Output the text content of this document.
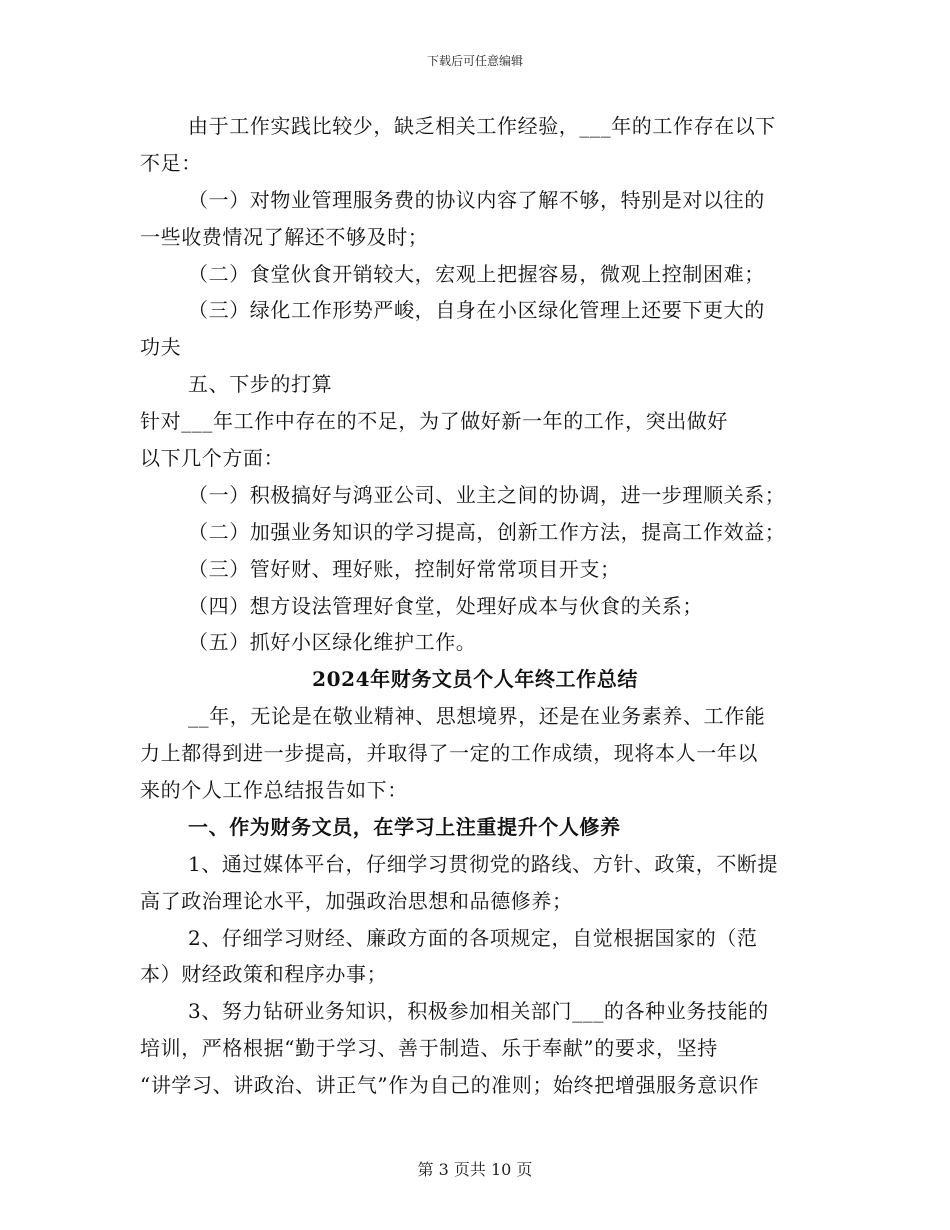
下载后可任意编辑
由于工作实践比较少，缺乏相关工作经验，___年的工作存在以下
不足：
（一）对物业管理服务费的协议内容了解不够，特别是对以往的
一些收费情况了解还不够及时；
（二）食堂伙食开销较大，宏观上把握容易，微观上控制困难；
（三）绿化工作形势严峻，自身在小区绿化管理上还要下更大的
功夫
五、下步的打算
针对___年工作中存在的不足，为了做好新一年的工作，突出做好
以下几个方面：
（一）积极搞好与鸿亚公司、业主之间的协调，进一步理顺关系；
（二）加强业务知识的学习提高，创新工作方法，提高工作效益；
（三）管好财、理好账，控制好常常项目开支；
（四）想方设法管理好食堂，处理好成本与伙食的关系；
（五）抓好小区绿化维护工作。
2024年财务文员个人年终工作总结
__年，无论是在敬业精神、思想境界，还是在业务素养、工作能
力上都得到进一步提高，并取得了一定的工作成绩，现将本人一年以
来的个人工作总结报告如下：
一、作为财务文员，在学习上注重提升个人修养
1、通过媒体平台，仔细学习贯彻党的路线、方针、政策，不断提
高了政治理论水平，加强政治思想和品德修养；
2、仔细学习财经、廉政方面的各项规定，自觉根据国家的（范
本）财经政策和程序办事；
3、努力钻研业务知识，积极参加相关部门___的各种业务技能的
培训，严格根据“勤于学习、善于制造、乐于奉献”的要求，坚持
“讲学习、讲政治、讲正气”作为自己的准则；始终把增强服务意识作
第 3 页共 10 页
